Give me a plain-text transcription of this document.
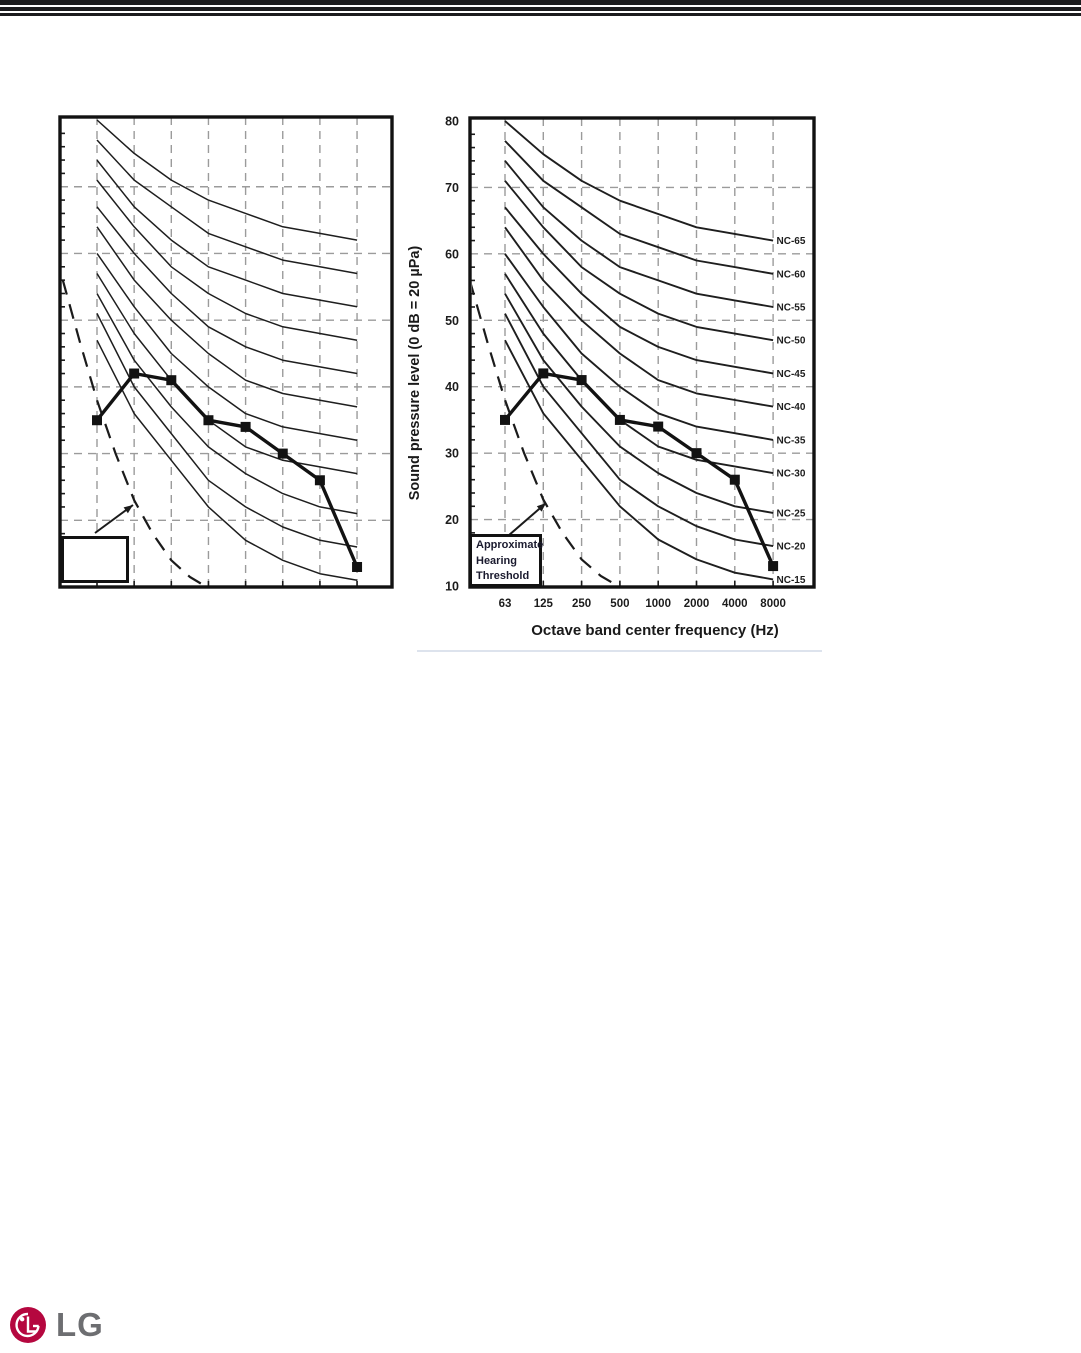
80
70
60
50
40
30
20
10
63 125 250 500 1000 2000 4000 8000
NC-65
NC-60
NC-55
NC-50
NC-45
NC-40
NC-35
NC-30
NC-25
NC-20
NC-15
Sound pressure level (0 dB = 20 µPa)
Octave band center frequency (Hz)
Approximate
Hearing
Threshold
LG
